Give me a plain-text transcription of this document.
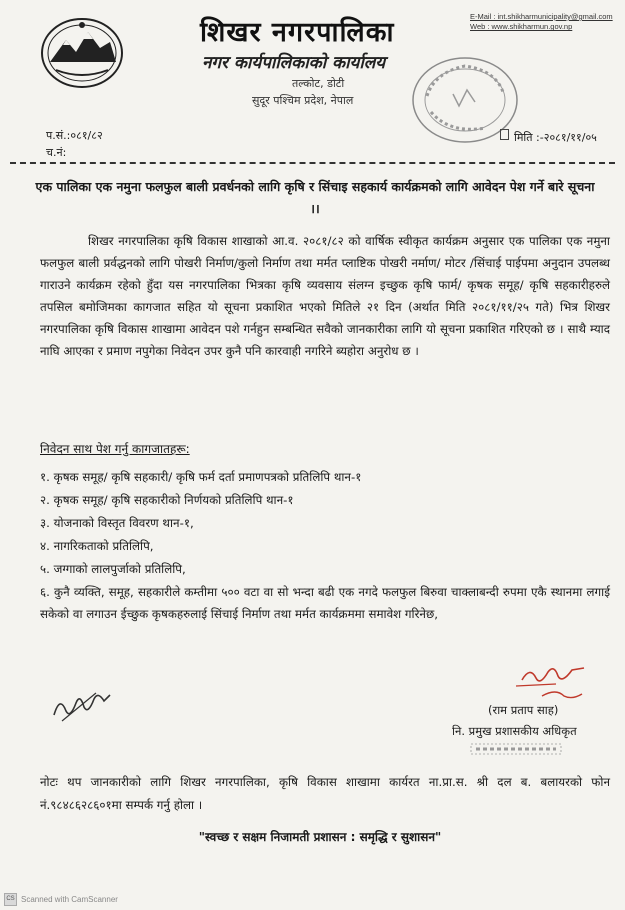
शिखर नगरपालिका
नगर कार्यपालिकाको कार्यालय
तल्कोट, डोटी
सुदूर पश्चिम प्रदेश, नेपाल
E-Mail : int.shikharmunicipality@gmail.com
Web : www.shikharmun.gov.np
प.सं.:०८१/८२
च.नं:
मिति :-२०८१/११/०५
एक पालिका एक नमुना फलफुल बाली प्रवर्धनको लागि कृषि र सिंचाइ सहकार्य कार्यक्रमको लागि आवेदन पेश गर्ने बारे सूचना ।।

शिखर नगरपालिका कृषि विकास शाखाको आ.व. २०८१/८२ को वार्षिक स्वीकृत कार्यक्रम अनुसार एक पालिका एक नमुना फलफुल बाली प्रर्वद्धनको लागि पोखरी निर्माण/कुलो निर्माण तथा मर्मत प्लाष्टिक पोखरी नर्माण/ मोटर /सिंचाई पाईपमा अनुदान उपलब्ध गाराउने कार्यक्रम रहेको हुँदा यस नगरपालिका भित्रका कृषि व्यवसाय संलग्न इच्छुक कृषि फार्म/ कृषक समूह/ कृषि सहकारीहरुले तपसिल बमोजिमका कागजात सहित यो सूचना प्रकाशित भएको मितिले २१ दिन (अर्थात मिति २०८१/११/२५ गते) भित्र शिखर नगरपालिका कृषि विकास शाखामा आवेदन पशे गर्नहुन सम्बन्धित सवैको जानकारीका लागि यो सूचना प्रकाशित गरिएको छ । साथै म्याद नाघि आएका र प्रमाण नपुगेका निवेदन उपर कुनै पनि कारवाही नगरिने ब्यहोरा अनुरोध छ ।

निवेदन साथ पेश गर्नु कागजातहरू:
१. कृषक समूह/ कृषि सहकारी/ कृषि फर्म दर्ता प्रमाणपत्रको प्रतिलिपि थान-१
२. कृषक समूह/ कृषि सहकारीको निर्णयको प्रतिलिपि थान-१
३. योजनाको विस्तृत विवरण थान-१,
४. नागरिकताको प्रतिलिपि,
५. जग्गाको लालपुर्जाको प्रतिलिपि,
६. कुनै व्यक्ति, समूह, सहकारीले कम्तीमा ५०० वटा वा सो भन्दा बढी एक नगदे फलफुल बिरुवा चाक्लाबन्दी रुपमा एकै स्थानमा लगाई सकेको वा लगाउन ईच्छुक कृषकहरुलाई सिंचाई निर्माण तथा मर्मत कार्यक्रममा समावेश गरिनेछ,
(राम प्रताप साह)
नि. प्रमुख प्रशासकीय अधिकृत
नोटः थप जानकारीको लागि शिखर नगरपालिका, कृषि विकास शाखामा कार्यरत ना.प्रा.स. श्री दल ब. बलायरको फोन नं.९८४८६२८६०१मा सम्पर्क गर्नु होला ।
"स्वच्छ र सक्षम निजामती प्रशासन : समृद्धि र सुशासन"
CS Scanned with CamScanner
